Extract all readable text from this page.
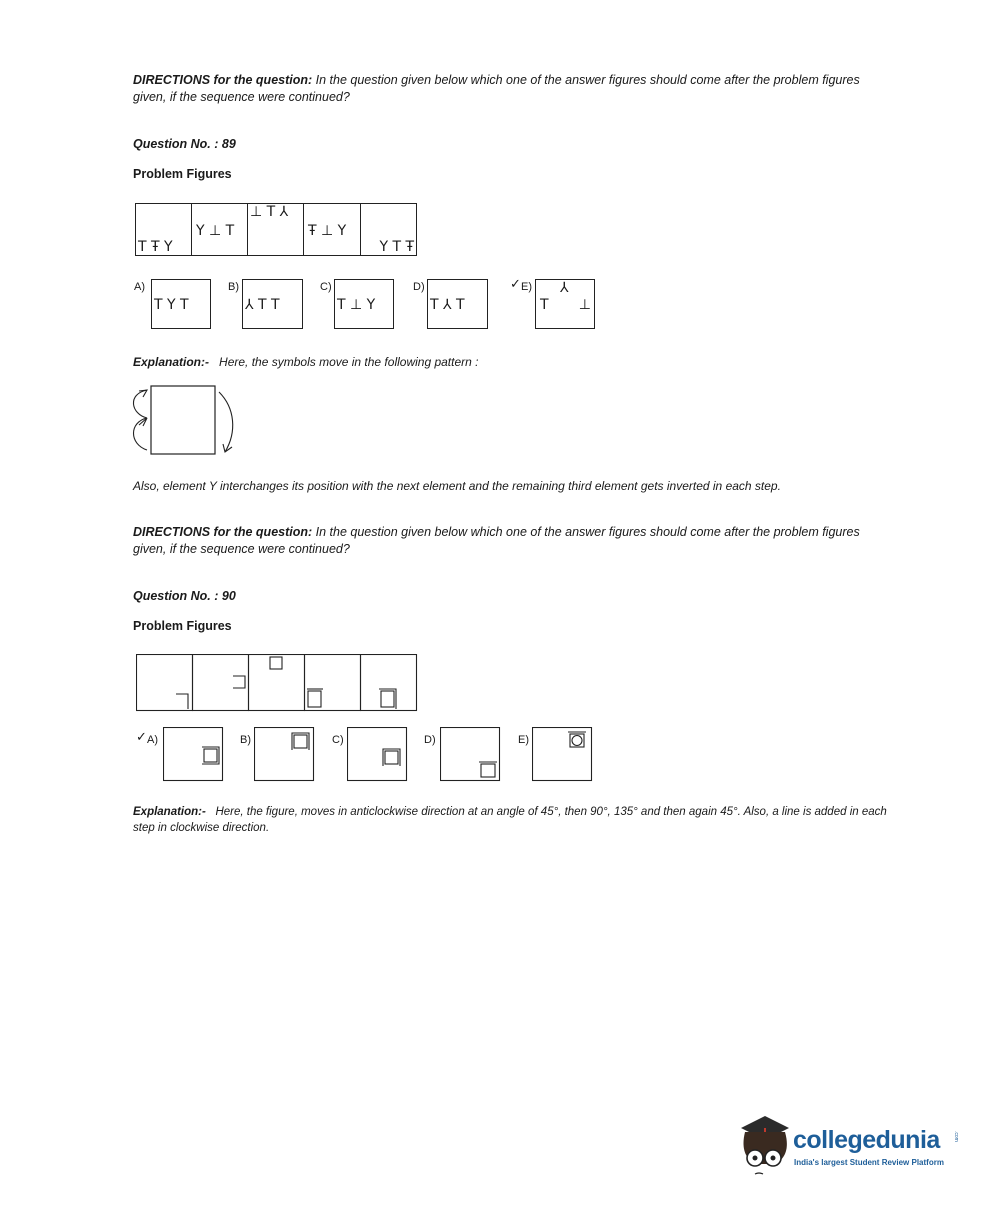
DIRECTIONS for the question: In the question given below which one of the answer figures should come after the problem figures given, if the sequence were continued?
Question No. : 89
Problem Figures
T Ŧ Y
Y ⊥ T
⊥ T ⅄
Ŧ ⊥ Y
Y T Ŧ
A)
T Y T
B)
⅄ T T
C)
T ⊥ Y
D)
T ⅄ T
✓ E) ⅄
T ⊥
Explanation:- Here, the symbols move in the following pattern :
Also, element Y interchanges its position with the next element and the remaining third element gets inverted in each step.
DIRECTIONS for the question: In the question given below which one of the answer figures should come after the problem figures given, if the sequence were continued?
Question No. : 90
Problem Figures
✓ A)	B)	C)	D)	E)
Explanation:- Here, the figure, moves in anticlockwise direction at an angle of 45°, then 90°, 135° and then again 45°. Also, a line is added in each step in clockwise direction.
collegedunia	.com
India's largest Student Review Platform
